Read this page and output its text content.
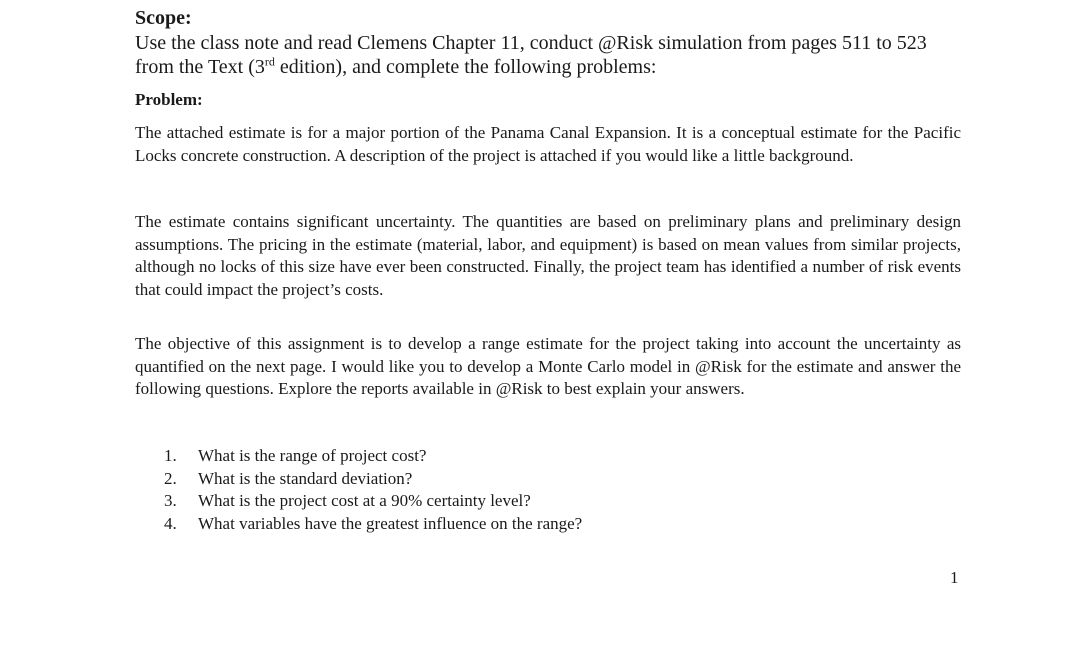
Scope:

Use the class note and read Clemens Chapter 11, conduct @Risk simulation from pages 511 to 523 from the Text (3rd edition), and complete the following problems:

Problem:

The attached estimate is for a major portion of the Panama Canal Expansion. It is a conceptual estimate for the Pacific Locks concrete construction. A description of the project is attached if you would like a little background.

The estimate contains significant uncertainty. The quantities are based on preliminary plans and preliminary design assumptions. The pricing in the estimate (material, labor, and equipment) is based on mean values from similar projects, although no locks of this size have ever been constructed. Finally, the project team has identified a number of risk events that could impact the project’s costs.

The objective of this assignment is to develop a range estimate for the project taking into account the uncertainty as quantified on the next page. I would like you to develop a Monte Carlo model in @Risk for the estimate and answer the following questions. Explore the reports available in @Risk to best explain your answers.

1.	What is the range of project cost?
2.	What is the standard deviation?
3.	What is the project cost at a 90% certainty level?
4.	What variables have the greatest influence on the range?

1
